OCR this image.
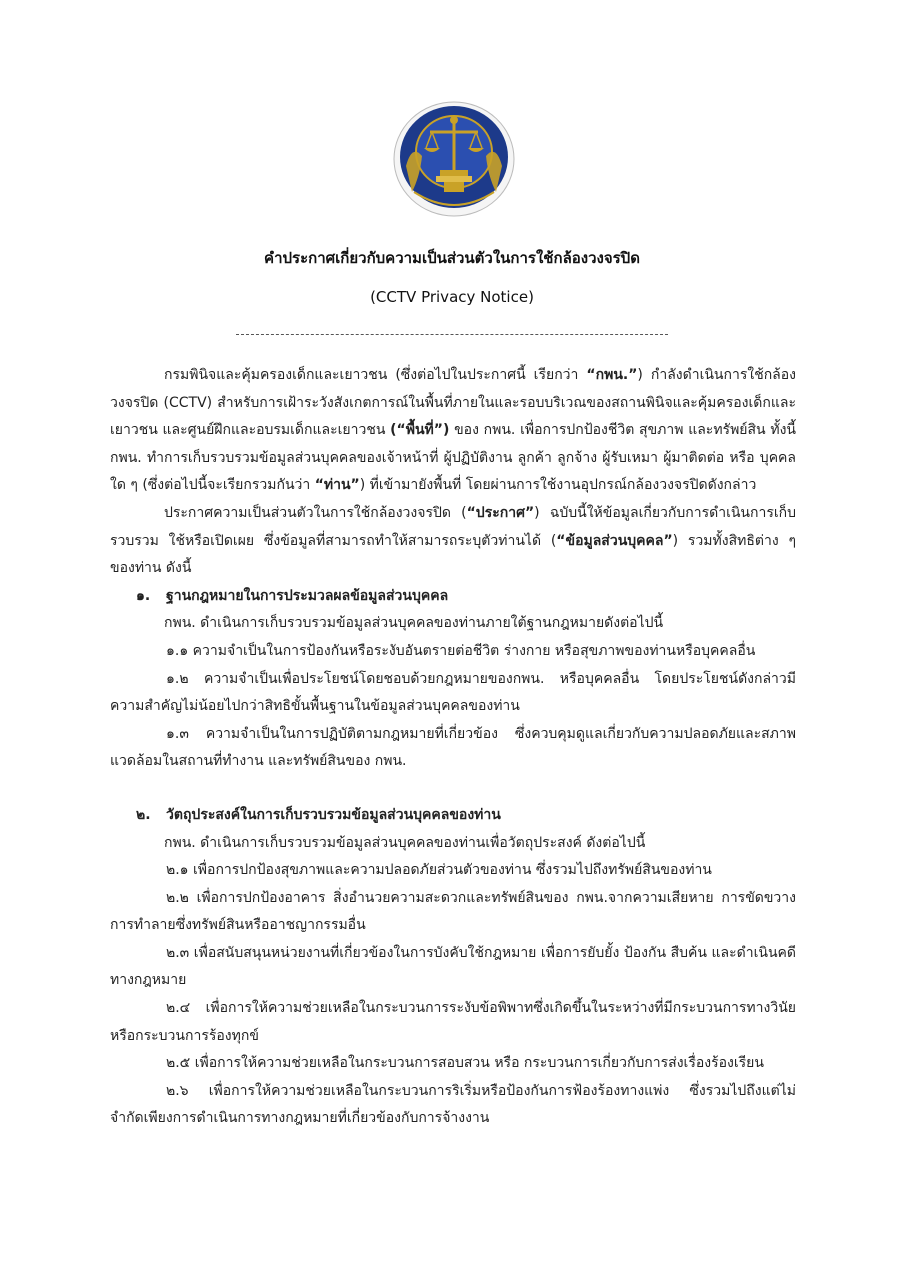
คำประกาศเกี่ยวกับความเป็นส่วนตัวในการใช้กล้องวงจรปิด
(CCTV Privacy Notice)

กรมพินิจและคุ้มครองเด็กและเยาวชน (ซึ่งต่อไปในประกาศนี้ เรียกว่า “กพน.”) กำลังดำเนินการใช้กล้องวงจรปิด (CCTV) สำหรับการเฝ้าระวังสังเกตการณ์ในพื้นที่ภายในและรอบบริเวณของสถานพินิจและคุ้มครองเด็กและเยาวชน และศูนย์ฝึกและอบรมเด็กและเยาวชน (“พื้นที่”) ของ กพน. เพื่อการปกป้องชีวิต สุขภาพ และทรัพย์สิน ทั้งนี้ กพน. ทำการเก็บรวบรวมข้อมูลส่วนบุคคลของเจ้าหน้าที่ ผู้ปฏิบัติงาน ลูกค้า ลูกจ้าง ผู้รับเหมา ผู้มาติดต่อ หรือ บุคคลใด ๆ (ซึ่งต่อไปนี้จะเรียกรวมกันว่า “ท่าน”) ที่เข้ามายังพื้นที่ โดยผ่านการใช้งานอุปกรณ์กล้องวงจรปิดดังกล่าว

ประกาศความเป็นส่วนตัวในการใช้กล้องวงจรปิด (“ประกาศ”) ฉบับนี้ให้ข้อมูลเกี่ยวกับการดำเนินการเก็บรวบรวม ใช้หรือเปิดเผย ซึ่งข้อมูลที่สามารถทำให้สามารถระบุตัวท่านได้ (“ข้อมูลส่วนบุคคล”) รวมทั้งสิทธิต่าง ๆ ของท่าน ดังนี้

๑. ฐานกฎหมายในการประมวลผลข้อมูลส่วนบุคคล

กพน. ดำเนินการเก็บรวบรวมข้อมูลส่วนบุคคลของท่านภายใต้ฐานกฎหมายดังต่อไปนี้

๑.๑ ความจำเป็นในการป้องกันหรือระงับอันตรายต่อชีวิต ร่างกาย หรือสุขภาพของท่านหรือบุคคลอื่น

๑.๒ ความจำเป็นเพื่อประโยชน์โดยชอบด้วยกฎหมายของกพน. หรือบุคคลอื่น โดยประโยชน์ดังกล่าวมีความสำคัญไม่น้อยไปกว่าสิทธิขั้นพื้นฐานในข้อมูลส่วนบุคคลของท่าน

๑.๓ ความจำเป็นในการปฏิบัติตามกฎหมายที่เกี่ยวข้อง ซึ่งควบคุมดูแลเกี่ยวกับความปลอดภัยและสภาพแวดล้อมในสถานที่ทำงาน และทรัพย์สินของ กพน.

๒. วัตถุประสงค์ในการเก็บรวบรวมข้อมูลส่วนบุคคลของท่าน

กพน. ดำเนินการเก็บรวบรวมข้อมูลส่วนบุคคลของท่านเพื่อวัตถุประสงค์ ดังต่อไปนี้

๒.๑ เพื่อการปกป้องสุขภาพและความปลอดภัยส่วนตัวของท่าน ซึ่งรวมไปถึงทรัพย์สินของท่าน

๒.๒ เพื่อการปกป้องอาคาร สิ่งอำนวยความสะดวกและทรัพย์สินของ กพน.จากความเสียหาย การขัดขวาง การทำลายซึ่งทรัพย์สินหรืออาชญากรรมอื่น

๒.๓ เพื่อสนับสนุนหน่วยงานที่เกี่ยวข้องในการบังคับใช้กฎหมาย เพื่อการยับยั้ง ป้องกัน สืบค้น และดำเนินคดีทางกฎหมาย

๒.๔ เพื่อการให้ความช่วยเหลือในกระบวนการระงับข้อพิพาทซึ่งเกิดขึ้นในระหว่างที่มีกระบวนการทางวินัยหรือกระบวนการร้องทุกข์

๒.๕ เพื่อการให้ความช่วยเหลือในกระบวนการสอบสวน หรือ กระบวนการเกี่ยวกับการส่งเรื่องร้องเรียน

๒.๖ เพื่อการให้ความช่วยเหลือในกระบวนการริเริ่มหรือป้องกันการฟ้องร้องทางแพ่ง ซึ่งรวมไปถึงแต่ไม่จำกัดเพียงการดำเนินการทางกฎหมายที่เกี่ยวข้องกับการจ้างงาน
